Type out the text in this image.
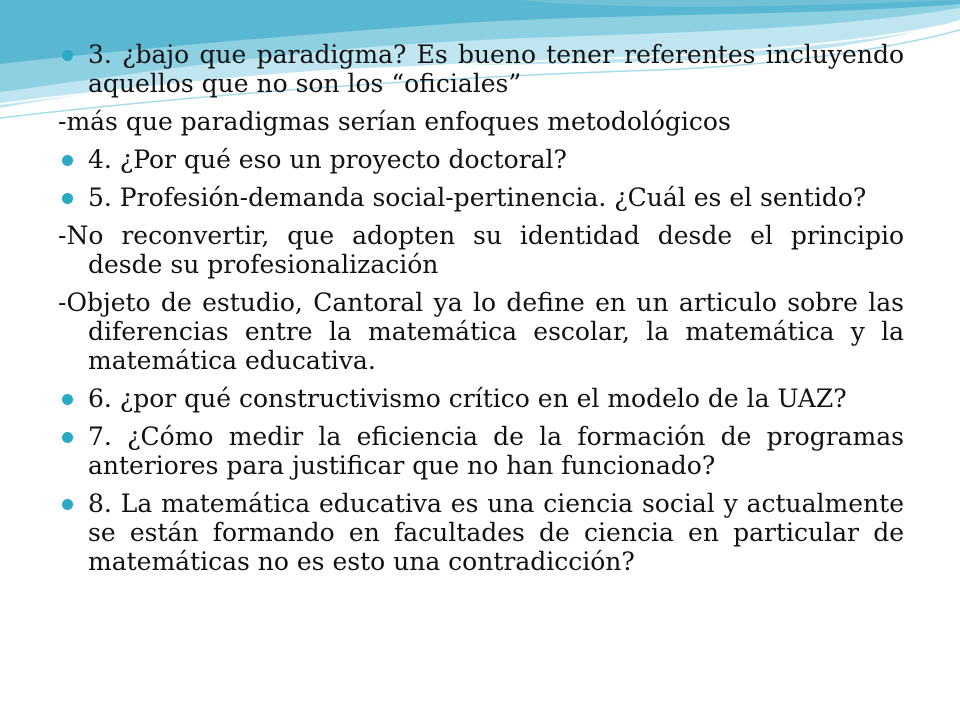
3. ¿bajo que paradigma? Es bueno tener referentes incluyendo aquellos que no son los “oficiales”
-más que paradigmas serían enfoques metodológicos
4. ¿Por qué eso un proyecto doctoral?
5. Profesión-demanda social-pertinencia. ¿Cuál es el sentido?
-No reconvertir, que adopten su identidad desde el principio desde su profesionalización
-Objeto de estudio, Cantoral ya lo define en un articulo sobre las diferencias entre la matemática escolar, la matemática y la matemática educativa.
6. ¿por qué constructivismo crítico en el modelo de la UAZ?
7. ¿Cómo medir la eficiencia de la formación de programas anteriores para justificar que no han funcionado?
8. La matemática educativa es una ciencia social y actualmente se están formando en facultades de ciencia en particular de matemáticas no es esto una contradicción?
